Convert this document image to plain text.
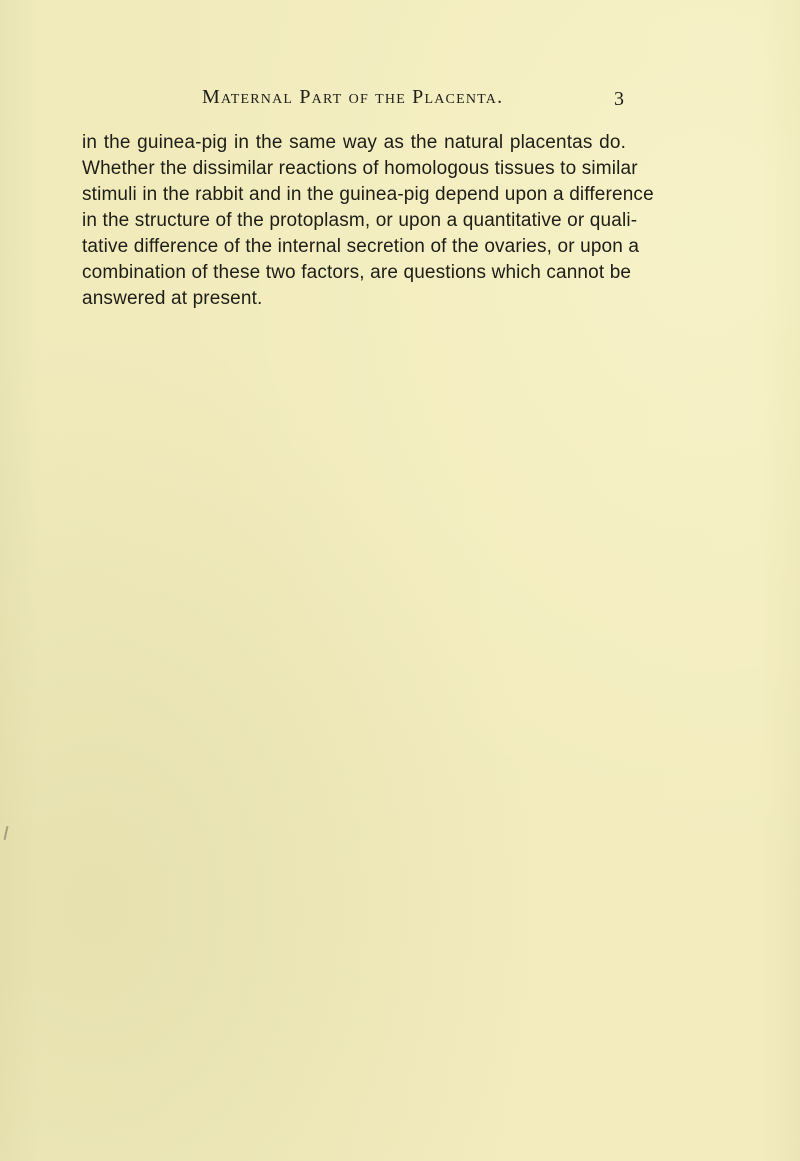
Maternal Part of the Placenta.	3
in the guinea-pig in the same way as the natural placentas do.
Whether the dissimilar reactions of homologous tissues to similar
stimuli in the rabbit and in the guinea-pig depend upon a difference
in the structure of the protoplasm, or upon a quantitative or quali-
tative difference of the internal secretion of the ovaries, or upon a
combination of these two factors, are questions which cannot be
answered at present.
